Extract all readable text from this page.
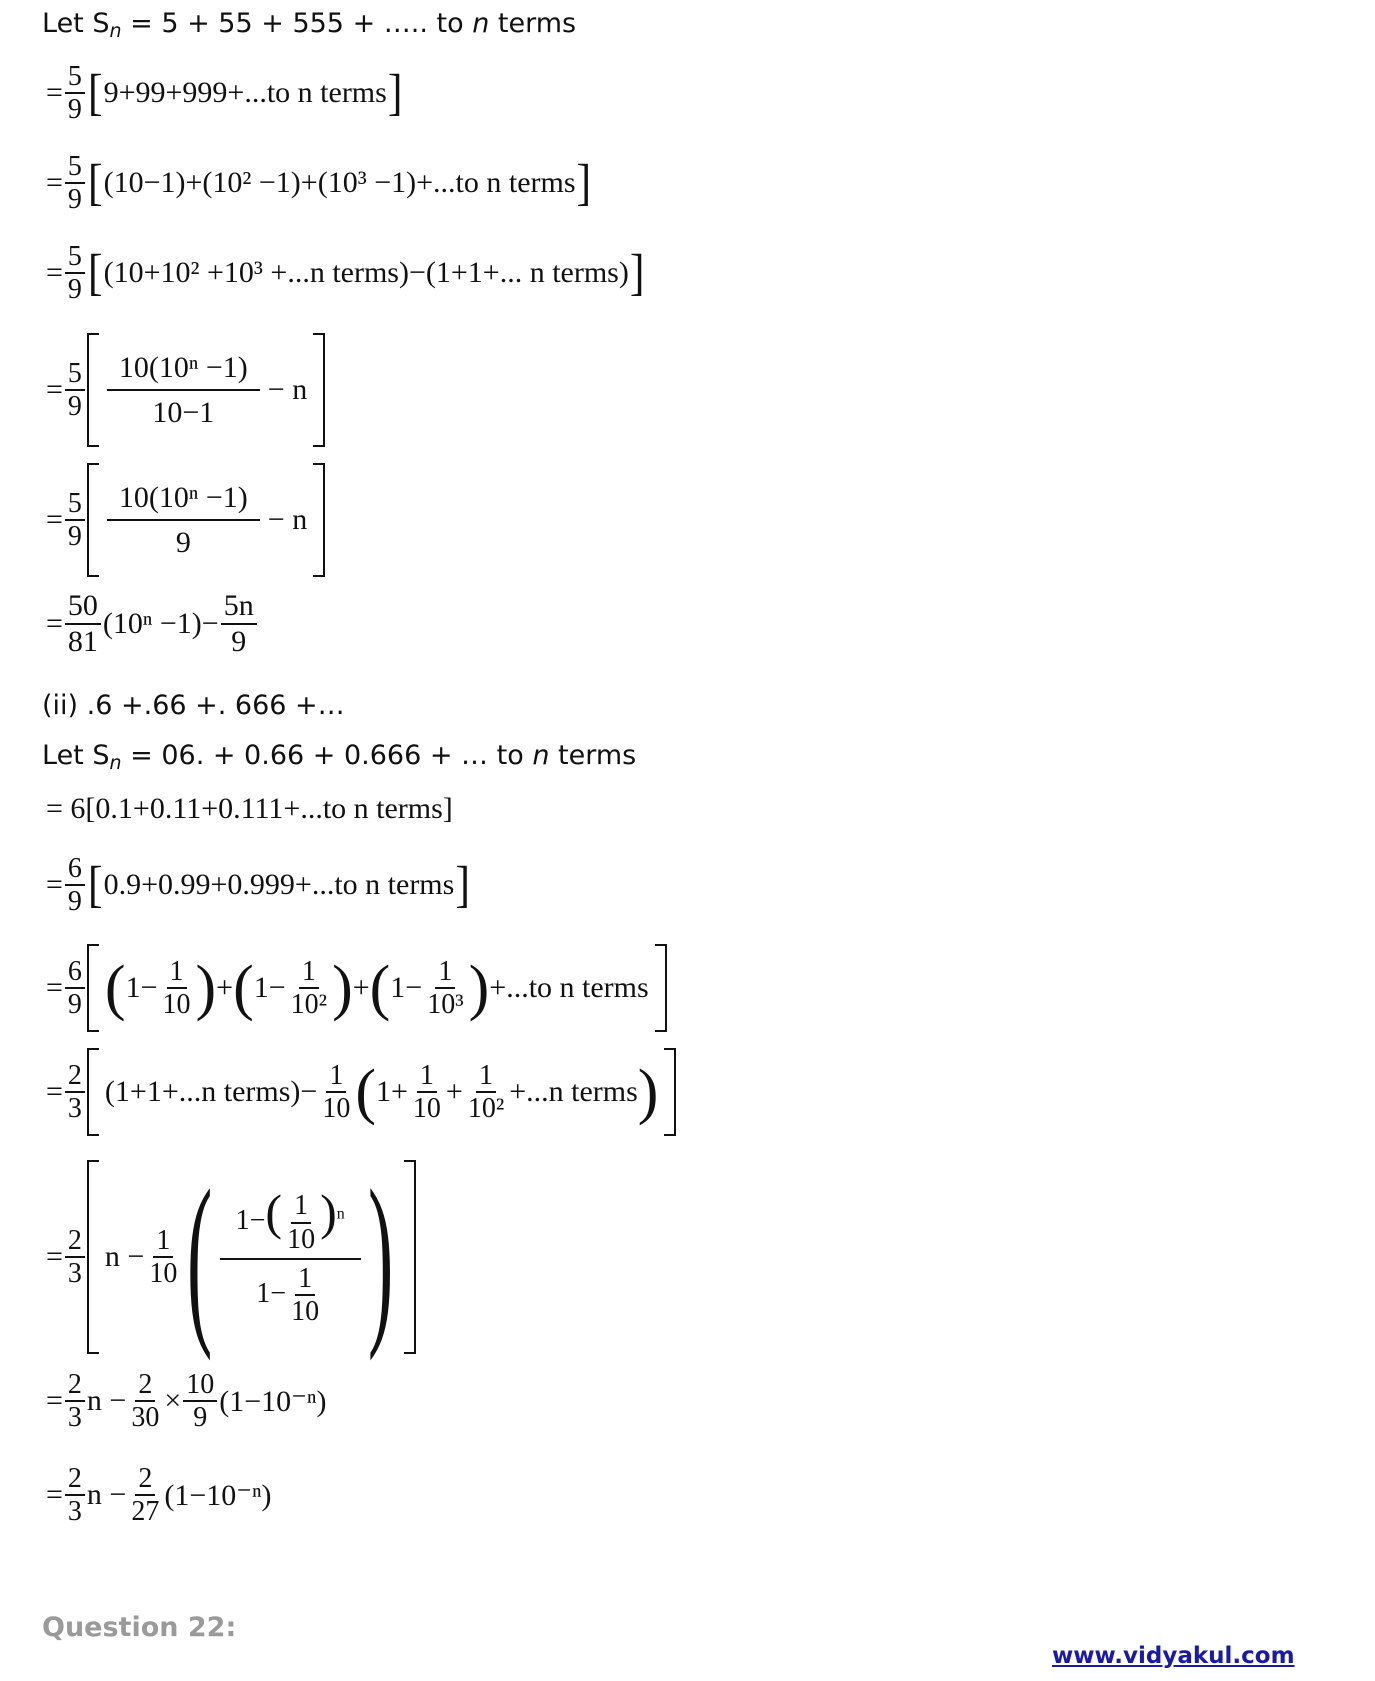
Let $S_n = 5 + 55 + 555$ + ….. to n terms
= $\frac{5}{9}$ [ 9+99+999+...to n terms ]
= $\frac{5}{9}$ [ (10−1)+(10² −1)+(10³ −1)+...to n terms ]
= $\frac{5}{9}$ [ (10+10² +10³ +...n terms)−(1+1+... n terms) ]
= $\frac{5}{9} \frac{\text{10(10ⁿ −1)}}{10-1} - n$
= $\frac{5}{9} \frac{\text{10(10ⁿ −1)}}{9} - n$
= $\frac{50}{81} (10^n -1)- \frac{5n}{9}$
(ii) .6 +.66 +. 666 +…
Let $S_n = 06$. + 0.66 + 0.666 + … to n terms
= 6[0.1+0.11+0.111+...to n terms]
= $\frac{6}{9}$ [ 0.9+0.99+0.999+...to n terms ]
= $\frac{6}{9}$ ( $1- \frac{1}{10}$ ) + ( $1- \frac{1}{\text{10²}}$ ) + ( $1- \frac{1}{\text{10³}}$ ) +...to n terms
= $\frac{2}{3} (1+1+...n$ terms)− $\frac{1}{10}$ ( $1+ \frac{1}{10} + \frac{1}{\text{10²}} +...n$ terms )
= $\frac{2}{3}$ $n - \frac{1}{10}$ ( $\frac{1-( \frac{1}{10} )^n}{1- \frac{1}{10}}$ )
= $\frac{2}{3}$ $n - \frac{2}{30} \times \frac{10}{9} (1-10^{-n})$
= $\frac{2}{3}$ $n - \frac{2}{27} (1-10^{-n})$
Question 22:
www.vidyakul.com
